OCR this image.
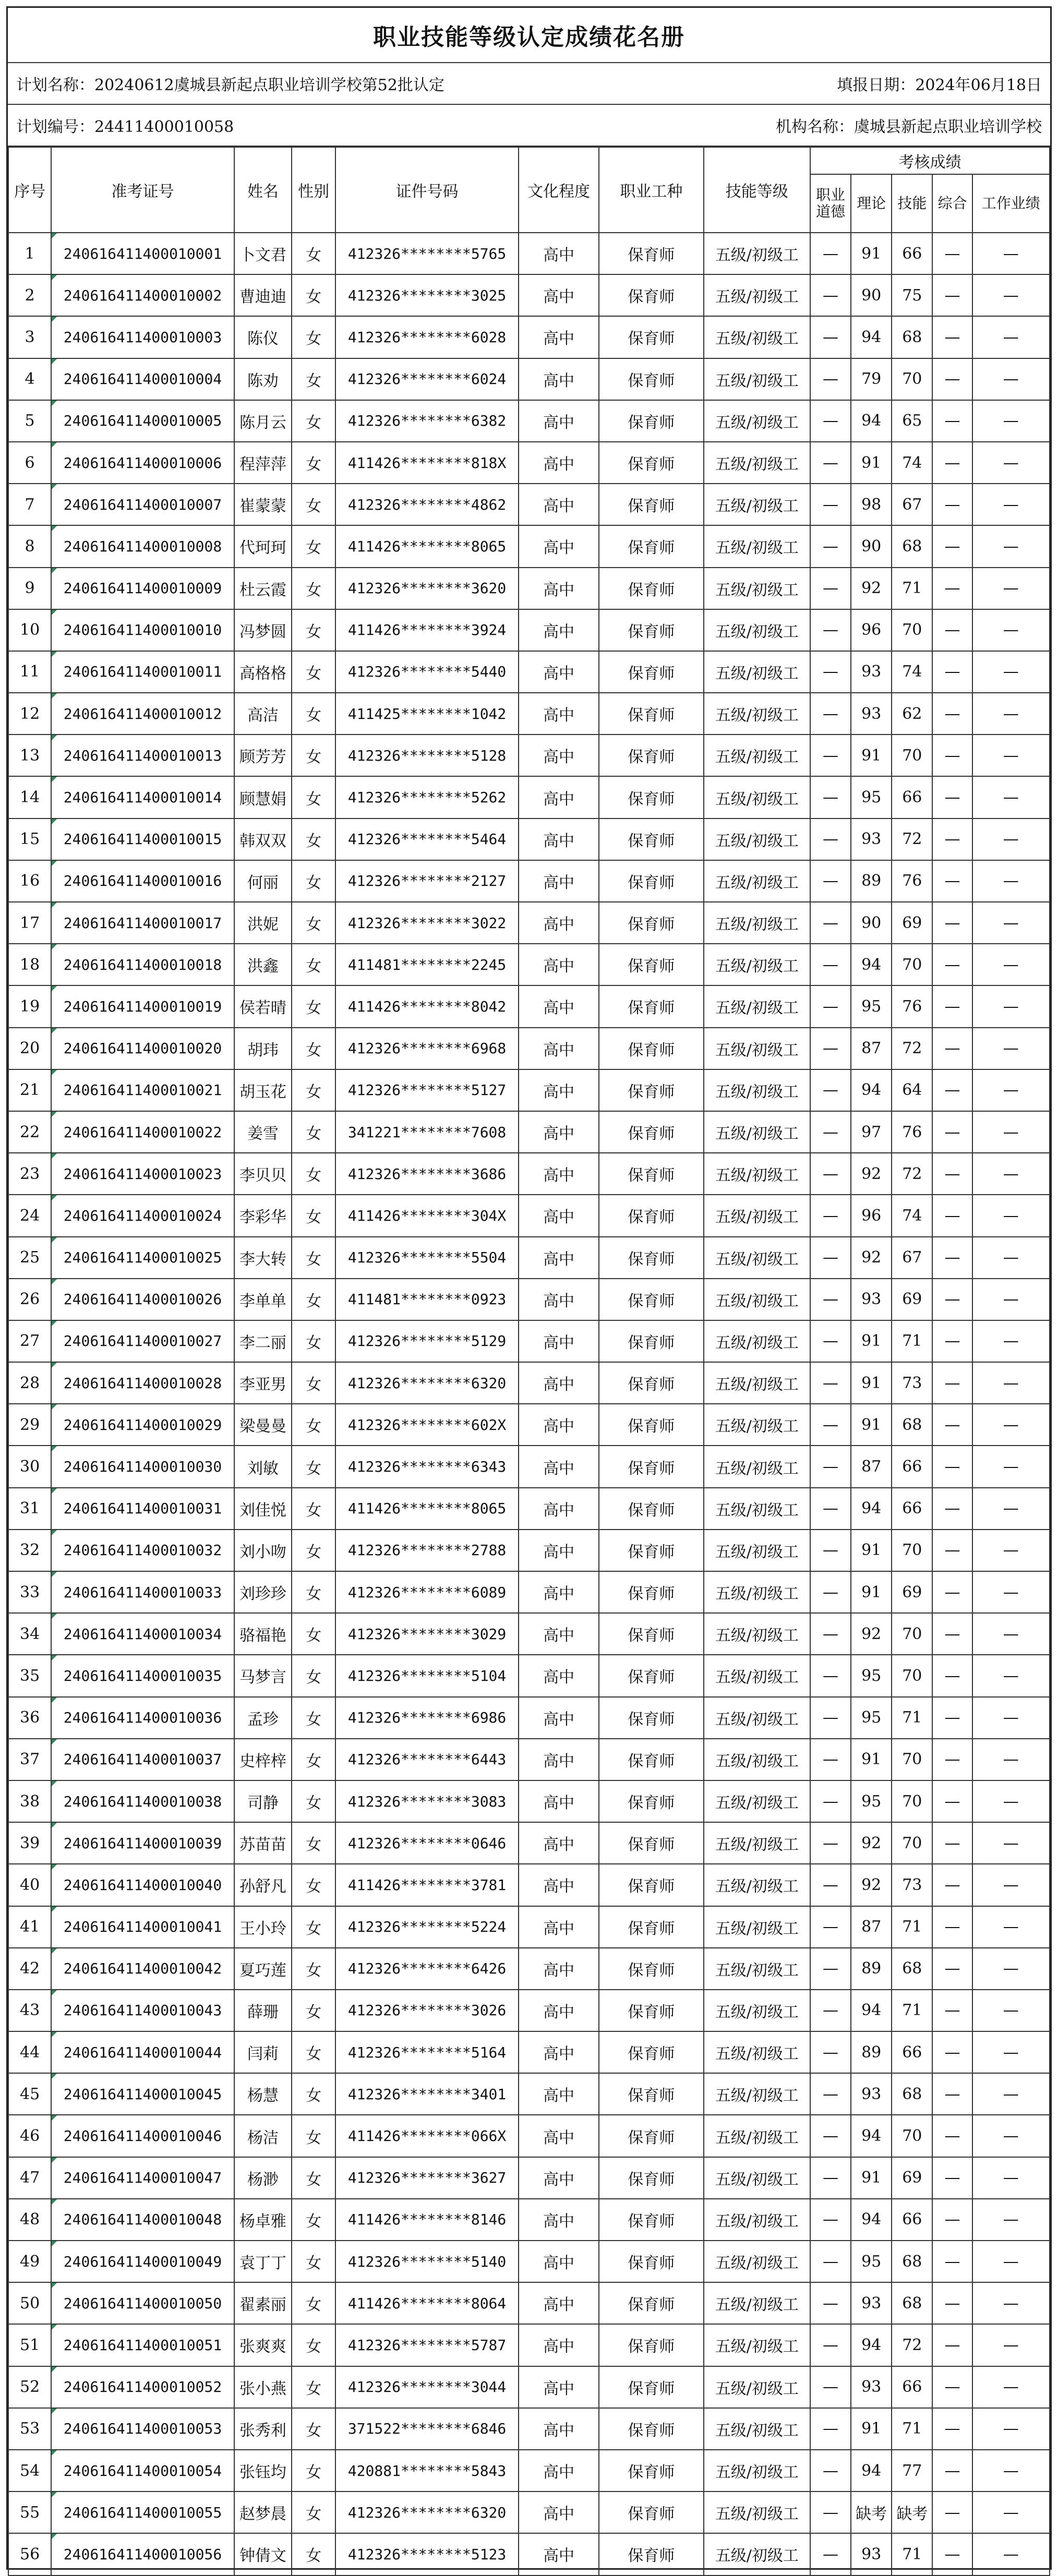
职业技能等级认定成绩花名册
计划名称：20240612虞城县新起点职业培训学校第52批认定	填报日期：2024年06月18日
计划编号：24411400010058	机构名称：虞城县新起点职业培训学校
序号	准考证号	姓名	性别	证件号码	文化程度	职业工种	技能等级	考核成绩				
								职业道德	理论	技能	综合	工作业绩
1	240616411400010001	卜文君	女	412326********5765	高中	保育师	五级/初级工	—	91	66	—	—
2	240616411400010002	曹迪迪	女	412326********3025	高中	保育师	五级/初级工	—	90	75	—	—
3	240616411400010003	陈仪	女	412326********6028	高中	保育师	五级/初级工	—	94	68	—	—
4	240616411400010004	陈劝	女	412326********6024	高中	保育师	五级/初级工	—	79	70	—	—
5	240616411400010005	陈月云	女	412326********6382	高中	保育师	五级/初级工	—	94	65	—	—
6	240616411400010006	程萍萍	女	411426********818X	高中	保育师	五级/初级工	—	91	74	—	—
7	240616411400010007	崔蒙蒙	女	412326********4862	高中	保育师	五级/初级工	—	98	67	—	—
8	240616411400010008	代珂珂	女	411426********8065	高中	保育师	五级/初级工	—	90	68	—	—
9	240616411400010009	杜云霞	女	412326********3620	高中	保育师	五级/初级工	—	92	71	—	—
10	240616411400010010	冯梦圆	女	411426********3924	高中	保育师	五级/初级工	—	96	70	—	—
11	240616411400010011	高格格	女	412326********5440	高中	保育师	五级/初级工	—	93	74	—	—
12	240616411400010012	高洁	女	411425********1042	高中	保育师	五级/初级工	—	93	62	—	—
13	240616411400010013	顾芳芳	女	412326********5128	高中	保育师	五级/初级工	—	91	70	—	—
14	240616411400010014	顾慧娟	女	412326********5262	高中	保育师	五级/初级工	—	95	66	—	—
15	240616411400010015	韩双双	女	412326********5464	高中	保育师	五级/初级工	—	93	72	—	—
16	240616411400010016	何丽	女	412326********2127	高中	保育师	五级/初级工	—	89	76	—	—
17	240616411400010017	洪妮	女	412326********3022	高中	保育师	五级/初级工	—	90	69	—	—
18	240616411400010018	洪鑫	女	411481********2245	高中	保育师	五级/初级工	—	94	70	—	—
19	240616411400010019	侯若晴	女	411426********8042	高中	保育师	五级/初级工	—	95	76	—	—
20	240616411400010020	胡玮	女	412326********6968	高中	保育师	五级/初级工	—	87	72	—	—
21	240616411400010021	胡玉花	女	412326********5127	高中	保育师	五级/初级工	—	94	64	—	—
22	240616411400010022	姜雪	女	341221********7608	高中	保育师	五级/初级工	—	97	76	—	—
23	240616411400010023	李贝贝	女	412326********3686	高中	保育师	五级/初级工	—	92	72	—	—
24	240616411400010024	李彩华	女	411426********304X	高中	保育师	五级/初级工	—	96	74	—	—
25	240616411400010025	李大转	女	412326********5504	高中	保育师	五级/初级工	—	92	67	—	—
26	240616411400010026	李单单	女	411481********0923	高中	保育师	五级/初级工	—	93	69	—	—
27	240616411400010027	李二丽	女	412326********5129	高中	保育师	五级/初级工	—	91	71	—	—
28	240616411400010028	李亚男	女	412326********6320	高中	保育师	五级/初级工	—	91	73	—	—
29	240616411400010029	梁曼曼	女	412326********602X	高中	保育师	五级/初级工	—	91	68	—	—
30	240616411400010030	刘敏	女	412326********6343	高中	保育师	五级/初级工	—	87	66	—	—
31	240616411400010031	刘佳悦	女	411426********8065	高中	保育师	五级/初级工	—	94	66	—	—
32	240616411400010032	刘小吻	女	412326********2788	高中	保育师	五级/初级工	—	91	70	—	—
33	240616411400010033	刘珍珍	女	412326********6089	高中	保育师	五级/初级工	—	91	69	—	—
34	240616411400010034	骆福艳	女	412326********3029	高中	保育师	五级/初级工	—	92	70	—	—
35	240616411400010035	马梦言	女	412326********5104	高中	保育师	五级/初级工	—	95	70	—	—
36	240616411400010036	孟珍	女	412326********6986	高中	保育师	五级/初级工	—	95	71	—	—
37	240616411400010037	史梓梓	女	412326********6443	高中	保育师	五级/初级工	—	91	70	—	—
38	240616411400010038	司静	女	412326********3083	高中	保育师	五级/初级工	—	95	70	—	—
39	240616411400010039	苏苗苗	女	412326********0646	高中	保育师	五级/初级工	—	92	70	—	—
40	240616411400010040	孙舒凡	女	411426********3781	高中	保育师	五级/初级工	—	92	73	—	—
41	240616411400010041	王小玲	女	412326********5224	高中	保育师	五级/初级工	—	87	71	—	—
42	240616411400010042	夏巧莲	女	412326********6426	高中	保育师	五级/初级工	—	89	68	—	—
43	240616411400010043	薛珊	女	412326********3026	高中	保育师	五级/初级工	—	94	71	—	—
44	240616411400010044	闫莉	女	412326********5164	高中	保育师	五级/初级工	—	89	66	—	—
45	240616411400010045	杨慧	女	412326********3401	高中	保育师	五级/初级工	—	93	68	—	—
46	240616411400010046	杨洁	女	411426********066X	高中	保育师	五级/初级工	—	94	70	—	—
47	240616411400010047	杨渺	女	412326********3627	高中	保育师	五级/初级工	—	91	69	—	—
48	240616411400010048	杨卓雅	女	411426********8146	高中	保育师	五级/初级工	—	94	66	—	—
49	240616411400010049	袁丁丁	女	412326********5140	高中	保育师	五级/初级工	—	95	68	—	—
50	240616411400010050	翟素丽	女	411426********8064	高中	保育师	五级/初级工	—	93	68	—	—
51	240616411400010051	张爽爽	女	412326********5787	高中	保育师	五级/初级工	—	94	72	—	—
52	240616411400010052	张小燕	女	412326********3044	高中	保育师	五级/初级工	—	93	66	—	—
53	240616411400010053	张秀利	女	371522********6846	高中	保育师	五级/初级工	—	91	71	—	—
54	240616411400010054	张钰均	女	420881********5843	高中	保育师	五级/初级工	—	94	77	—	—
55	240616411400010055	赵梦晨	女	412326********6320	高中	保育师	五级/初级工	—	缺考	缺考	—	—
56	240616411400010056	钟倩文	女	412326********5123	高中	保育师	五级/初级工	—	93	71	—	—
